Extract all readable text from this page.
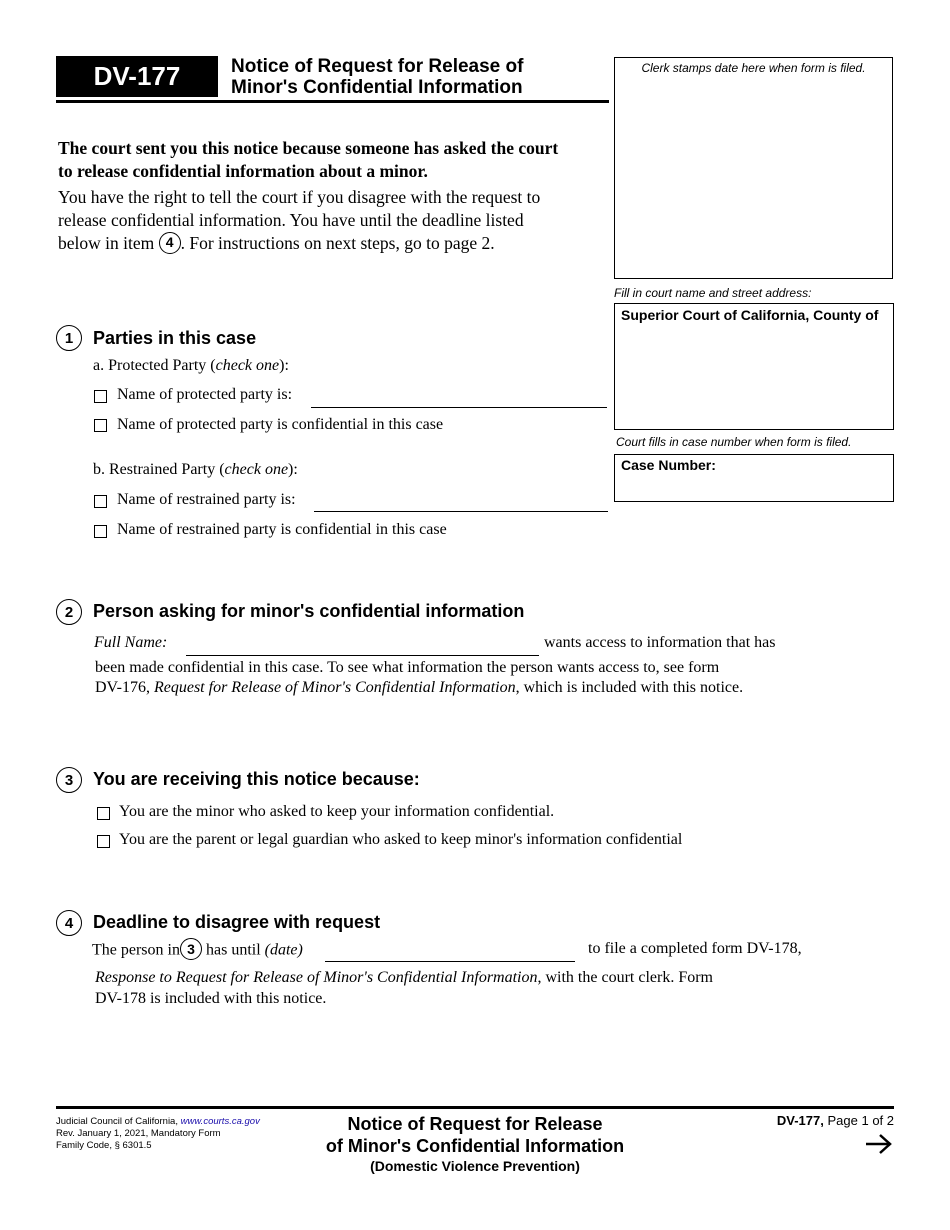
DV-177	Notice of Request for Release of
Minor's Confidential Information
Clerk stamps date here when form is filed.
Fill in court name and street address:
Superior Court of California, County of
Court fills in case number when form is filed.
Case Number:
The court sent you this notice because someone has asked the court
to release confidential information about a minor.
You have the right to tell the court if you disagree with the request to
release confidential information. You have until the deadline listed
below in item 4 . For instructions on next steps, go to page 2.
1	Parties in this case
a. Protected Party (check one):
Name of protected party is:
Name of protected party is confidential in this case
b. Restrained Party (check one):
Name of restrained party is:
Name of restrained party is confidential in this case
2	Person asking for minor's confidential information
Full Name:	wants access to information that has
been made confidential in this case. To see what information the person wants access to, see form
DV-176, Request for Release of Minor's Confidential Information, which is included with this notice.
3	You are receiving this notice because:
You are the minor who asked to keep your information confidential.
You are the parent or legal guardian who asked to keep minor's information confidential
4	Deadline to disagree with request
The person in 3 has until (date)	to file a completed form DV-178,
Response to Request for Release of Minor's Confidential Information, with the court clerk. Form
DV-178 is included with this notice.
Judicial Council of California, www.courts.ca.gov
Rev. January 1, 2021, Mandatory Form
Family Code, § 6301.5
Notice of Request for Release
of Minor's Confidential Information
(Domestic Violence Prevention)
DV-177, Page 1 of 2
